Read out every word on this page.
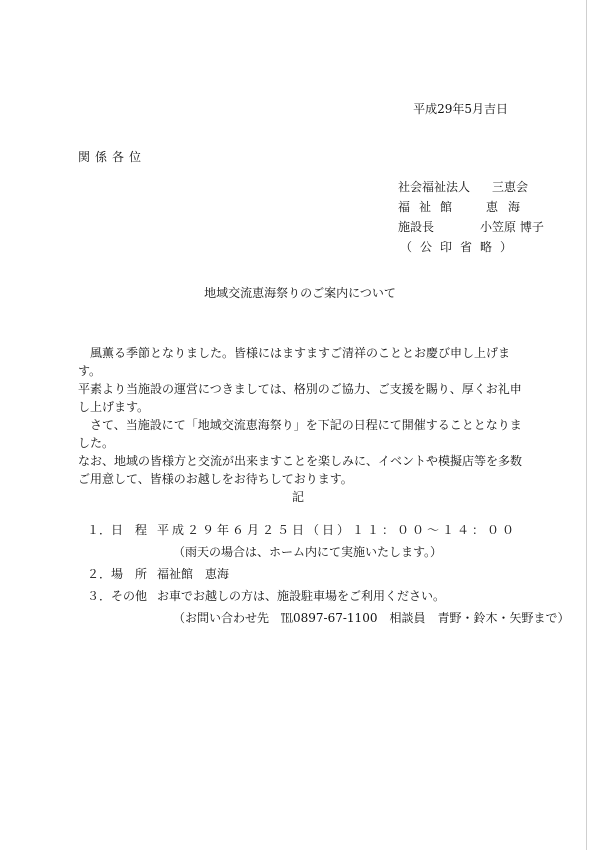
平成29年5月吉日
関係各位
社会福祉法人 三恵会
福祉館 恵海
施設長	小笠原 博子
（公印省略）
地域交流恵海祭りのご案内について

風薫る季節となりました。皆様にはますますご清祥のこととお慶び申し上げます。

平素より当施設の運営につきましては、格別のご協力、ご支援を賜り、厚くお礼申し上げます。

さて、当施設にて「地域交流恵海祭り」を下記の日程にて開催することとなりました。

なお、地域の皆様方と交流が出来ますことを楽しみに、イベントや模擬店等を多数ご用意して、皆様のお越しをお待ちしております。

記
１．日　程 平成２９年６月２５日（日）１１：００～１４：００
（雨天の場合は、ホーム内にて実施いたします。）
２．場　所 福祉館　恵海
３．その他 お車でお越しの方は、施設駐車場をご利用ください。
（お問い合わせ先　℡0897-67-1100　相談員　青野・鈴木・矢野まで）
